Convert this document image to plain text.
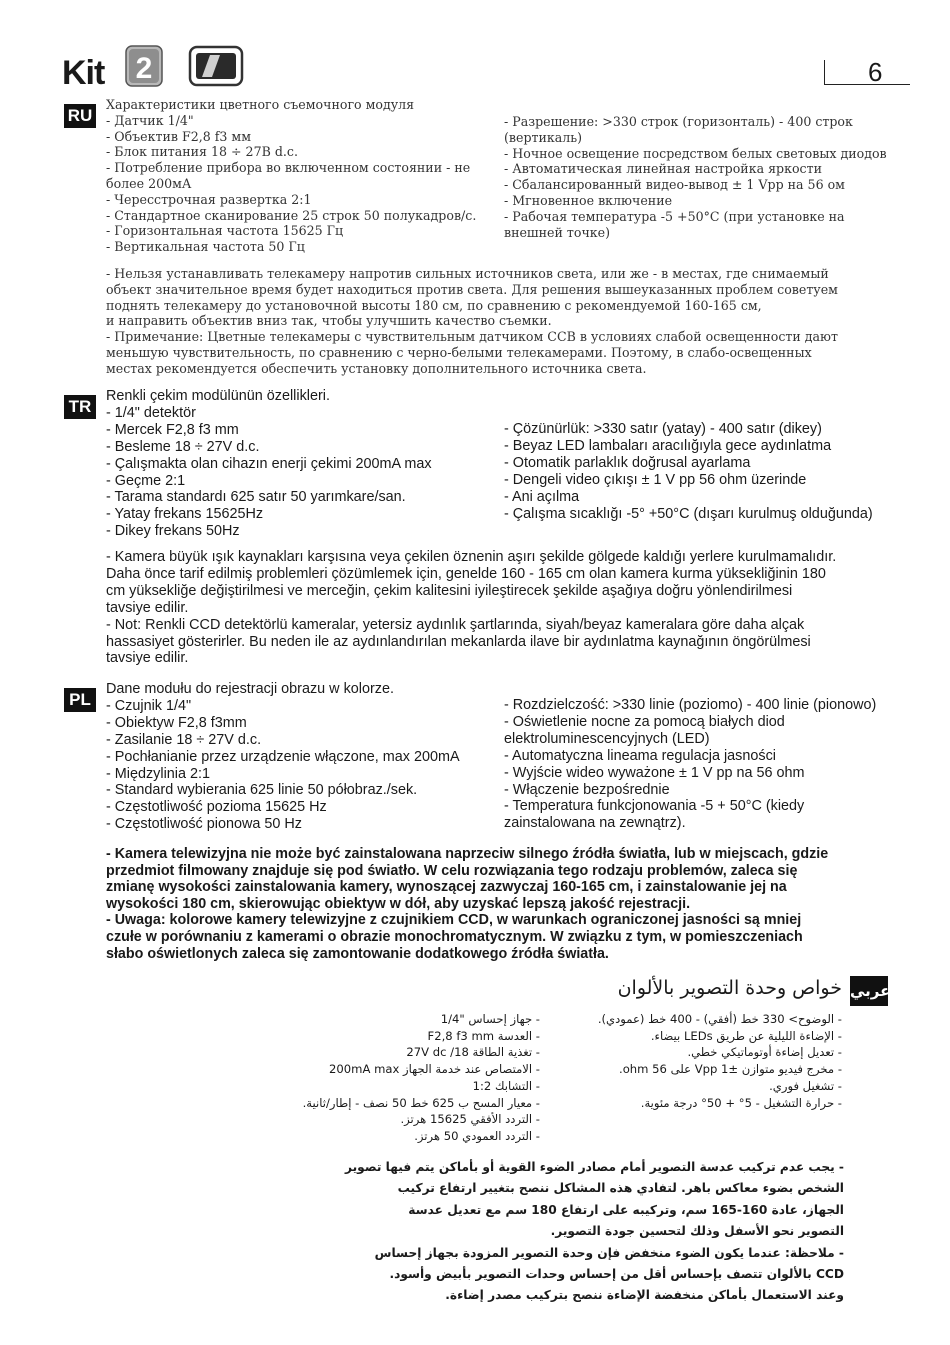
Kit 2	6
RU
Характеристики цветного съемочного модуля
- Датчик 1/4"
- Объектив F2,8 f3 мм
- Блок питания 18 ÷ 27В d.c.
- Потребление прибора во включенном состоянии - не
более 200мА
- Чересстрочная развертка 2:1
- Стандартное сканирование 25 строк 50 полукадров/с.
- Горизонтальная частота 15625 Гц
- Вертикальная частота 50 Гц
- Разрешение: >330 строк (горизонталь) - 400 строк
(вертикаль)
- Ночное освещение посредством белых световых диодов
- Автоматическая линейная настройка яркости
- Сбалансированный видео-вывод ± 1 Vpp на 56 ом
- Мгновенное включение
- Рабочая температура -5 +50°C (при установке на
внешней точке)
- Нельзя устанавливать телекамеру напротив сильных источников света, или же - в местах, где снимаемый
объект значительное время будет находиться против света. Для решения вышеуказанных проблем советуем
поднять телекамеру до установочной высоты 180 см, по сравнению с рекомендуемой 160-165 см,
и направить объектив вниз так, чтобы улучшить качество съемки.
- Примечание: Цветные телекамеры с чувствительным датчиком CCB в условиях слабой освещенности дают
меньшую чувствительность, по сравнению с черно-белыми телекамерами. Поэтому, в слабо-освещенных
местах рекомендуется обеспечить установку дополнительного источника света.
TR
Renkli çekim modülünün özellikleri.
- 1/4" detektör
- Mercek F2,8 f3 mm
- Besleme 18 ÷ 27V d.c.
- Çalışmakta olan cihazın enerji çekimi 200mA max
- Geçme 2:1
- Tarama standardı 625 satır 50 yarımkare/san.
- Yatay frekans 15625Hz
- Dikey frekans 50Hz
- Çözünürlük: >330 satır (yatay) - 400 satır (dikey)
- Beyaz LED lambaları aracılığıyla gece aydınlatma
- Otomatik parlaklık doğrusal ayarlama
- Dengeli video çıkışı ± 1 V pp 56 ohm üzerinde
- Ani açılma
- Çalışma sıcaklığı -5° +50°C (dışarı kurulmuş olduğunda)
- Kamera büyük ışık kaynakları karşısına veya çekilen öznenin aşırı şekilde gölgede kaldığı yerlere kurulmamalıdır.
Daha önce tarif edilmiş problemleri çözümlemek için, genelde 160 - 165 cm olan kamera kurma yüksekliğinin 180
cm yüksekliğe değiştirilmesi ve merceğin, çekim kalitesini iyileştirecek şekilde aşağıya doğru yönlendirilmesi
tavsiye edilir.
- Not: Renkli CCD detektörlü kameralar, yetersiz aydınlık şartlarında, siyah/beyaz kameralara göre daha alçak
hassasiyet gösterirler. Bu neden ile az aydınlandırılan mekanlarda ilave bir aydınlatma kaynağının öngörülmesi
tavsiye edilir.
PL
Dane modułu do rejestracji obrazu w kolorze.
- Czujnik 1/4"
- Obiektyw F2,8 f3mm
- Zasilanie 18 ÷ 27V d.c.
- Pochłanianie przez urządzenie włączone, max 200mA
- Międzylinia 2:1
- Standard wybierania 625 linie 50 półobraz./sek.
- Częstotliwość pozioma 15625 Hz
- Częstotliwość pionowa 50 Hz
- Rozdzielczość: >330 linie (poziomo) - 400 linie (pionowo)
- Oświetlenie nocne za pomocą białych diod
elektroluminescencyjnych (LED)
- Automatyczna lineama regulacja jasności
- Wyjście wideo wyważone ± 1 V pp na 56 ohm
- Włączenie bezpośrednie
- Temperatura funkcjonowania -5 + 50°C (kiedy
zainstalowana na zewnątrz).
- Kamera telewizyjna nie może być zainstalowana naprzeciw silnego źródła światła, lub w miejscach, gdzie
przedmiot filmowany znajduje się pod światło. W celu rozwiązania tego rodzaju problemów, zaleca się
zmianę wysokości zainstalowania kamery, wynoszącej zazwyczaj 160-165 cm, i zainstalowanie jej na
wysokości 180 cm, skierowując obiektyw w dół, aby uzyskać lepszą jakość rejestracji.
- Uwaga: kolorowe kamery telewizyjne z czujnikiem CCD, w warunkach ograniczonej jasności są mniej
czułe w porównaniu z kamerami o obrazie monochromatycznym. W związku z tym, w pomieszczeniach
słabo oświetlonych zaleca się zamontowanie dodatkowego źródła światła.
عربي
خواص وحدة التصوير بالألوان
- جهاز إحساس "1/4
- العدسة F2,8 f3 mm
- تغذية الطاقة 18/ 27V dc
- الامتصاص عند خدمة الجهاز 200mA max
- التشابك 1:2
- معيار المسح ب 625 خط 50 نصف - إطار/ثانية.
- التردد الأفقي 15625 هرتز.
- التردد العمودي 50 هرتز.
- الوضوح> 330 خط (أفقي) - 400 خط (عمودي).
- الإضاءة الليلية عن طريق LEDs بيضاء.
- تعديل إضاءة أوتوماتيكي خطي.
- مخرج فيديو متوازن Vpp 1± على 56 ohm.
- تشغيل فوري.
- حرارة التشغيل - 5° + 50° درجة مئوية.
- يجب عدم تركيب عدسة التصوير أمام مصادر الضوء القوية أو بأماكن يتم فيها تصوير
الشخص بضوء معاكس باهر. لتفادي هذه المشاكل ننصح بتغيير ارتفاع تركيب
الجهاز، عادة 160-165 سم، وتركيبه على ارتفاع 180 سم مع تعديل عدسة
التصوير نحو الأسفل وذلك لتحسين جودة التصوير.
- ملاحظة: عندما يكون الضوء منخفض فإن وحدة التصوير المزودة بجهاز إحساس
CCD بالألوان تتصف بإحساس أقل من إحساس وحدات التصوير بأبيض وأسود.
وعند الاستعمال بأماكن منخفضة الإضاءة ننصح بتركيب مصدر إضاءة.
